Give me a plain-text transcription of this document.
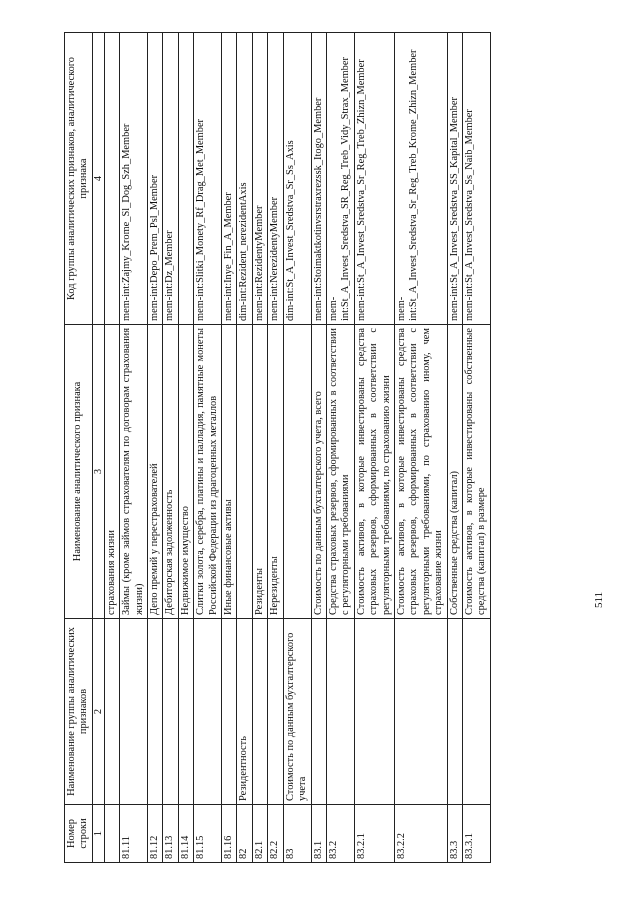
Номер строки	Наименование группы аналитических признаков	Наименование аналитического признака	Код группы аналитических признаков, аналитического признака
1	2	3	4
		страхования жизни	
81.11		Займы (кроме займов страхователям по договорам страхования жизни)	mem-int:Zajmy_Krome_Sl_Dog_Szh_Member
81.12		Депо премий у перестрахователей	mem-int:Depo_Prem_Psl_Member
81.13		Дебиторская задолженность	mem-int:Dz_Member
81.14		Недвижимое имущество	
81.15		Слитки золота, серебра, платины и палладия, памятные монеты Российской Федерации из драгоценных металлов	mem-int:Slitki_Monety_Rf_Drag_Met_Member
81.16		Иные финансовые активы	mem-int:Inye_Fin_A_Member
82	Резидентность		dim-int:Rezident_nerezidentAxis
82.1		Резиденты	mem-int:RezidentyMember
82.2		Нерезиденты	mem-int:NerezidentyMember
83	Стоимость по данным бухгалтерского учета		dim-int:St_A_Invest_Sredstva_Sr_Ss_Axis
83.1		Стоимость по данным бухгалтерского учета, всего	mem-int:Stoimaktkotinvsrstraxrezssk_Itogo_Member
83.2		Средства страховых резервов, сформированных в соответствии с регуляторными требованиями	mem-int:St_A_Invest_Sredstva_SR_Reg_Treb_Vidy_Strax_Member
83.2.1		Стоимость активов, в которые инвестированы средства страховых резервов, сформированных в соответствии с регуляторными требованиями, по страхованию жизни	mem-int:St_A_Invest_Sredstva_Sr_Reg_Treb_Zhizn_Member
83.2.2		Стоимость активов, в которые инвестированы средства страховых резервов, сформированных в соответствии с регуляторными требованиями, по страхованию иному, чем страхование жизни	mem-int:St_A_Invest_Sredstva_Sr_Reg_Treb_Krome_Zhizn_Member
83.3		Собственные средства (капитал)	mem-int:St_A_Invest_Sredstva_SS_Kapital_Member
83.3.1		Стоимость активов, в которые инвестированы собственные средства (капитал) в размере	mem-int:St_A_Invest_Sredstva_Ss_Naib_Member
511
